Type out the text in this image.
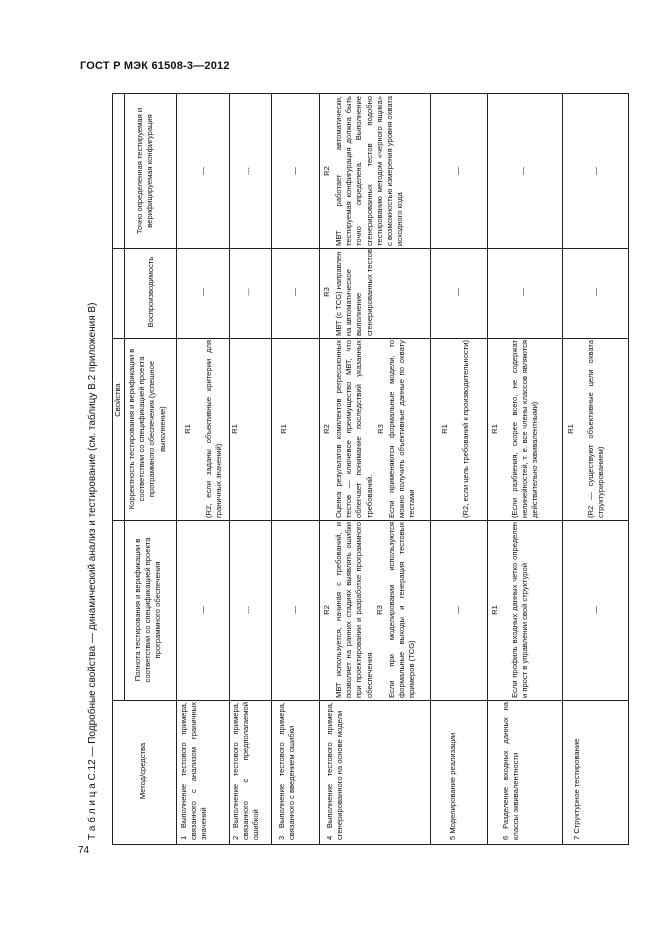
ГОСТ Р МЭК 61508-3—2012
Т а б л и ц а С.12 — Подробные свойства — динамический анализ и тестирование (см. таблицу В.2 приложения В)
74
Метод/средства
Свойства
Полнота тестирования и верификации в соответствии со спецификацией проекта программного обеспечения
Корректность тестирования и верификации в соответствии со спецификацией проекта программного обеспечения (успешное выполнение)
Воспроизводимость
Точно определенная тестируемая и верифицируемая конфигурация
1 Выполнение тестового примера, связанного с анализом граничных значений
—
R1 (R2, если заданы объективные критерии для граничных значений)
—
—
2 Выполнение тестового примера, связанного с предполагаемой ошибкой
---
R1
---
---
3 Выполнение тестового примера, связанного с введением ошибки
—
R1
—
—
4 Выполнение тестового примера, сгенерированного на основе модели
R2 МВТ используется, начиная с требований, и позволяет на ранних стадиях выявлять ошибки при проектировании и разработке программного обеспечения.
R3 Если при моделировании используются формальные выходы и генерация тестовых примеров (TCG)
R2 Оценка результатов комплектов регрессионных тестов — ключевое преимущество МВТ, что облегчает понимание последствий указанных требований.
R3 Если применяются формальные модели, то можно получить объективные данные по охвату тестами
R3 МВТ (с TCG) направлен на автоматическое выполнение сгенерированных тестов
R2 МВТ работает автоматически, тестируемая конфигурация должна быть точно определена. Выполнение сгенерированных тестов подобно тестированию методом «черного ящика» с возможностью измерения уровня охвата исходного кода
5 Моделирование реализации
—
R1 (R2, если цель требований к производительности)
—
—
6 Разделение входных данных на классы эквивалентности
R1 Если профиль входных данных четко определен и прост в управлении свой структурой
R1 (Если разбиения, скорее всего, не содержат нелинейностей, т. е. все члены классов являются действительно эквивалентными)
—
—
7 Структурное тестирование
—
R1 (R2 — существуют объективные цели охвата структурированием)
—
—
